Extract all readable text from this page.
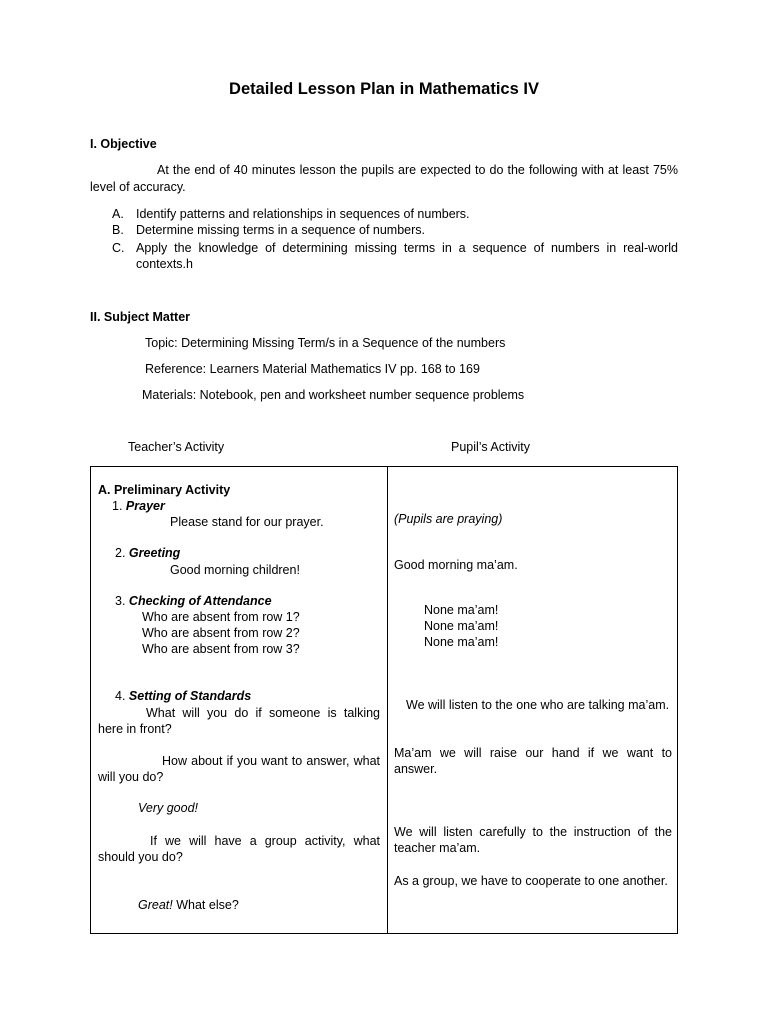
Detailed Lesson Plan in Mathematics IV
I. Objective
At the end of 40 minutes lesson the pupils are expected to do the following with at least 75% level of accuracy.
A. Identify patterns and relationships in sequences of numbers.
B. Determine missing terms in a sequence of numbers.
C. Apply the knowledge of determining missing terms in a sequence of numbers in real-world contexts.h
II. Subject Matter
Topic: Determining Missing Term/s in a Sequence of the numbers
Reference: Learners Material Mathematics IV pp. 168 to 169
Materials: Notebook, pen and worksheet number sequence problems
Teacher’s Activity	Pupil’s Activity
A. Preliminary Activity
1. Prayer
Please stand for our prayer.
2. Greeting
Good morning children!
3. Checking of Attendance
Who are absent from row 1?
Who are absent from row 2?
Who are absent from row 3?
4. Setting of Standards
What will you do if someone is talking here in front?
How about if you want to answer, what will you do?
Very good!
If we will have a group activity, what should you do?
Great! What else?
(Pupils are praying)
Good morning ma’am.
None ma’am!
None ma’am!
None ma’am!
We will listen to the one who are talking ma’am.
Ma’am we will raise our hand if we want to answer.
We will listen carefully to the instruction of the teacher ma’am.
As a group, we have to cooperate to one another.
